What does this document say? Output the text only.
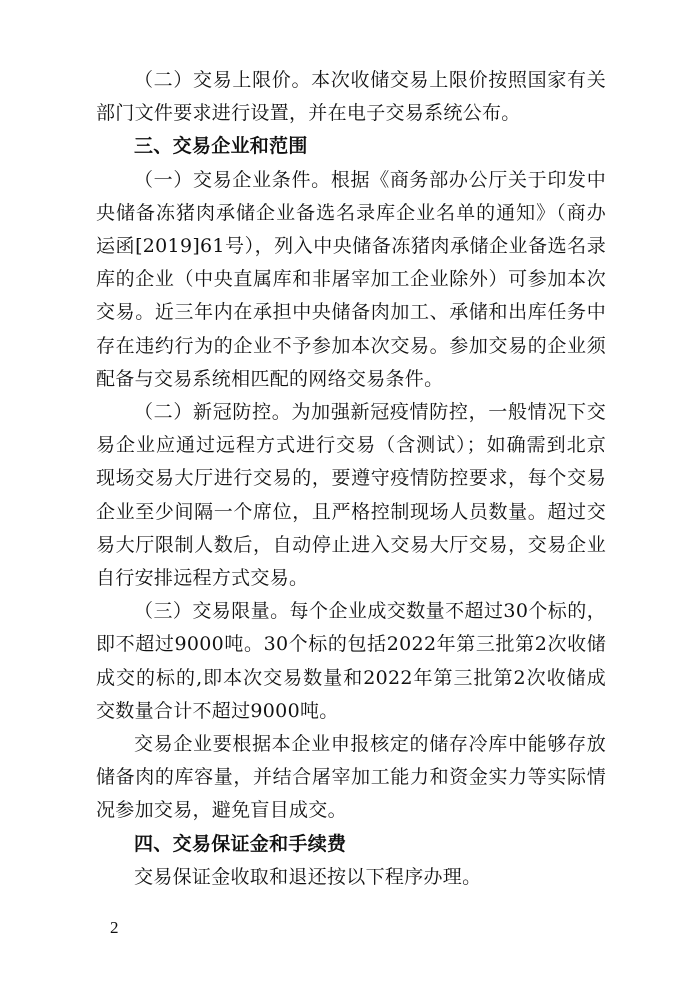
（二）交易上限价。本次收储交易上限价按照国家有关部门文件要求进行设置，并在电子交易系统公布。

三、交易企业和范围

（一）交易企业条件。根据《商务部办公厅关于印发中央储备冻猪肉承储企业备选名录库企业名单的通知》（商办运函[2019]61号），列入中央储备冻猪肉承储企业备选名录库的企业（中央直属库和非屠宰加工企业除外）可参加本次交易。近三年内在承担中央储备肉加工、承储和出库任务中存在违约行为的企业不予参加本次交易。参加交易的企业须配备与交易系统相匹配的网络交易条件。

（二）新冠防控。为加强新冠疫情防控，一般情况下交易企业应通过远程方式进行交易（含测试）；如确需到北京现场交易大厅进行交易的，要遵守疫情防控要求，每个交易企业至少间隔一个席位，且严格控制现场人员数量。超过交易大厅限制人数后，自动停止进入交易大厅交易，交易企业自行安排远程方式交易。

（三）交易限量。每个企业成交数量不超过30个标的，即不超过9000吨。30个标的包括2022年第三批第2次收储成交的标的,即本次交易数量和2022年第三批第2次收储成交数量合计不超过9000吨。

交易企业要根据本企业申报核定的储存冷库中能够存放储备肉的库容量，并结合屠宰加工能力和资金实力等实际情况参加交易，避免盲目成交。

四、交易保证金和手续费

交易保证金收取和退还按以下程序办理。

2
